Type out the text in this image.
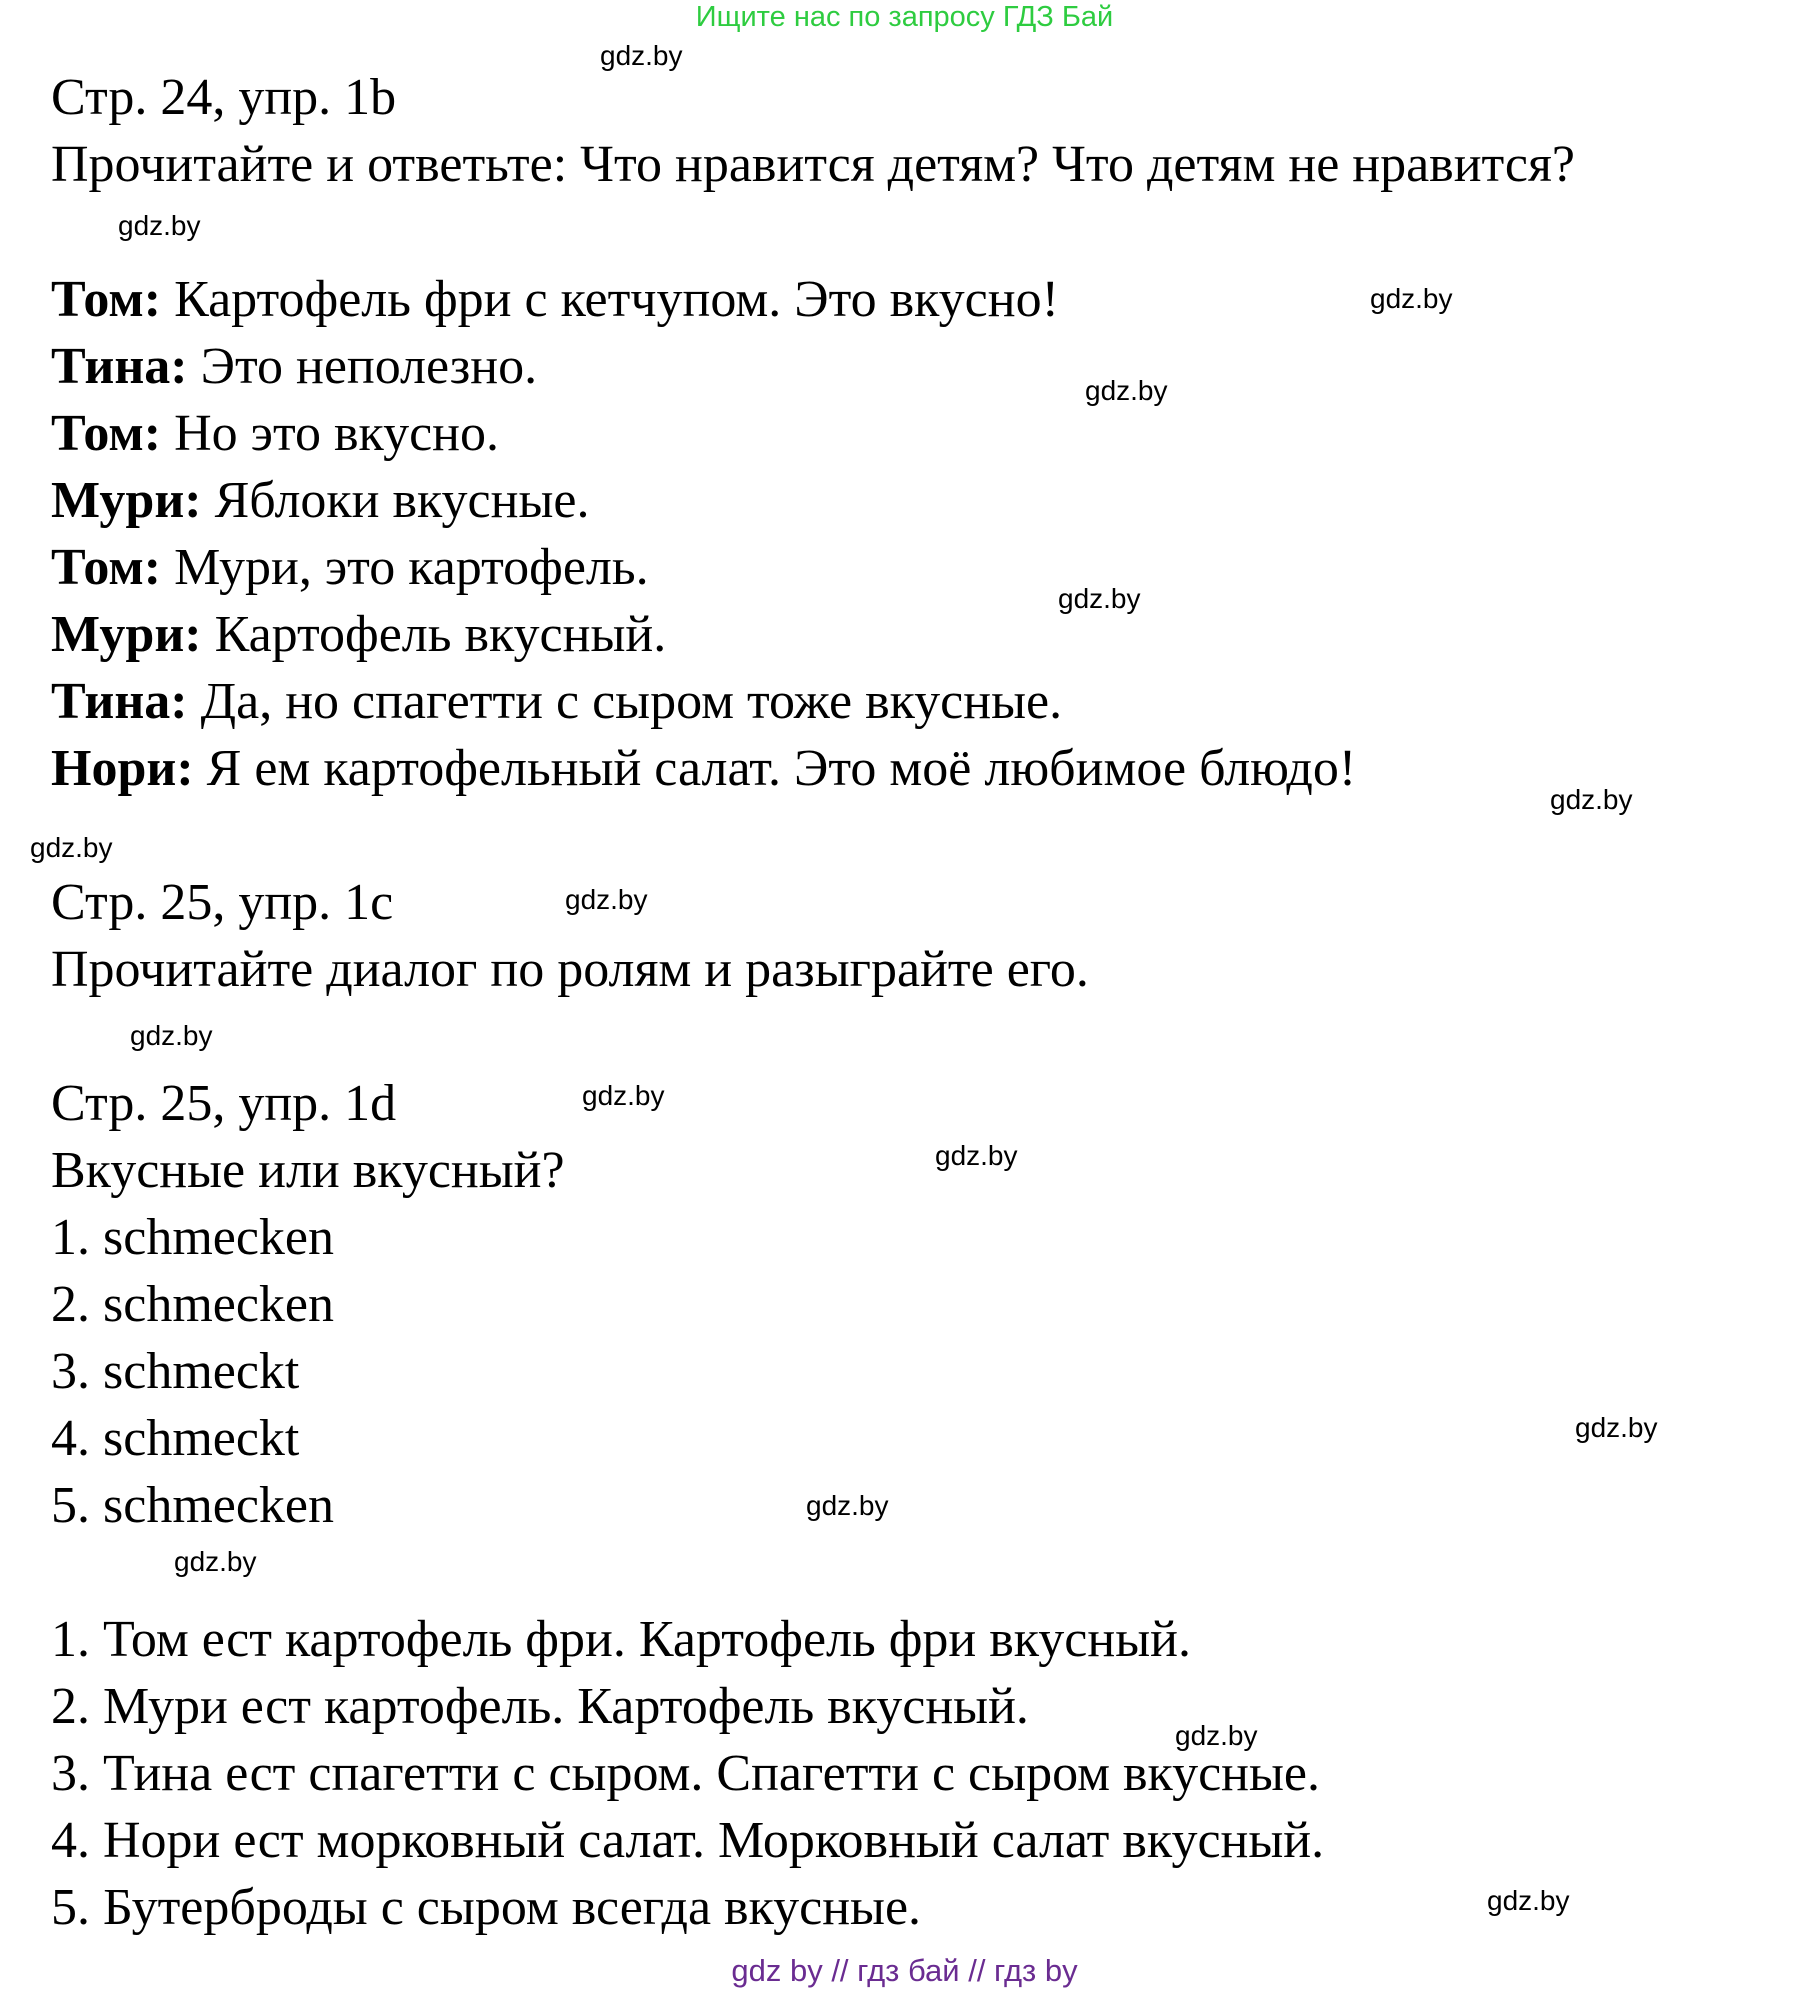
Ищите нас по запросу ГДЗ Бай
Стр. 24, упр. 1b
Прочитайте и ответьте: Что нравится детям? Что детям не нравится?
Том: Картофель фри с кетчупом. Это вкусно!
Тина: Это неполезно.
Том: Но это вкусно.
Мури: Яблоки вкусные.
Том: Мури, это картофель.
Мури: Картофель вкусный.
Тина: Да, но спагетти с сыром тоже вкусные.
Нори: Я ем картофельный салат. Это моё любимое блюдо!
Стр. 25, упр. 1c
Прочитайте диалог по ролям и разыграйте его.
Стр. 25, упр. 1d
Вкусные или вкусный?
1. schmecken
2. schmecken
3. schmeckt
4. schmeckt
5. schmecken
1. Том ест картофель фри. Картофель фри вкусный.
2. Мури ест картофель. Картофель вкусный.
3. Тина ест спагетти с сыром. Спагетти с сыром вкусные.
4. Нори ест морковный салат. Морковный салат вкусный.
5. Бутерброды с сыром всегда вкусные.
gdz.by
gdz.by
gdz.by
gdz.by
gdz.by
gdz.by
gdz.by
gdz.by
gdz.by
gdz.by
gdz.by
gdz.by
gdz.by
gdz.by
gdz.by
gdz.by
gdz by // гдз бай // гдз by
